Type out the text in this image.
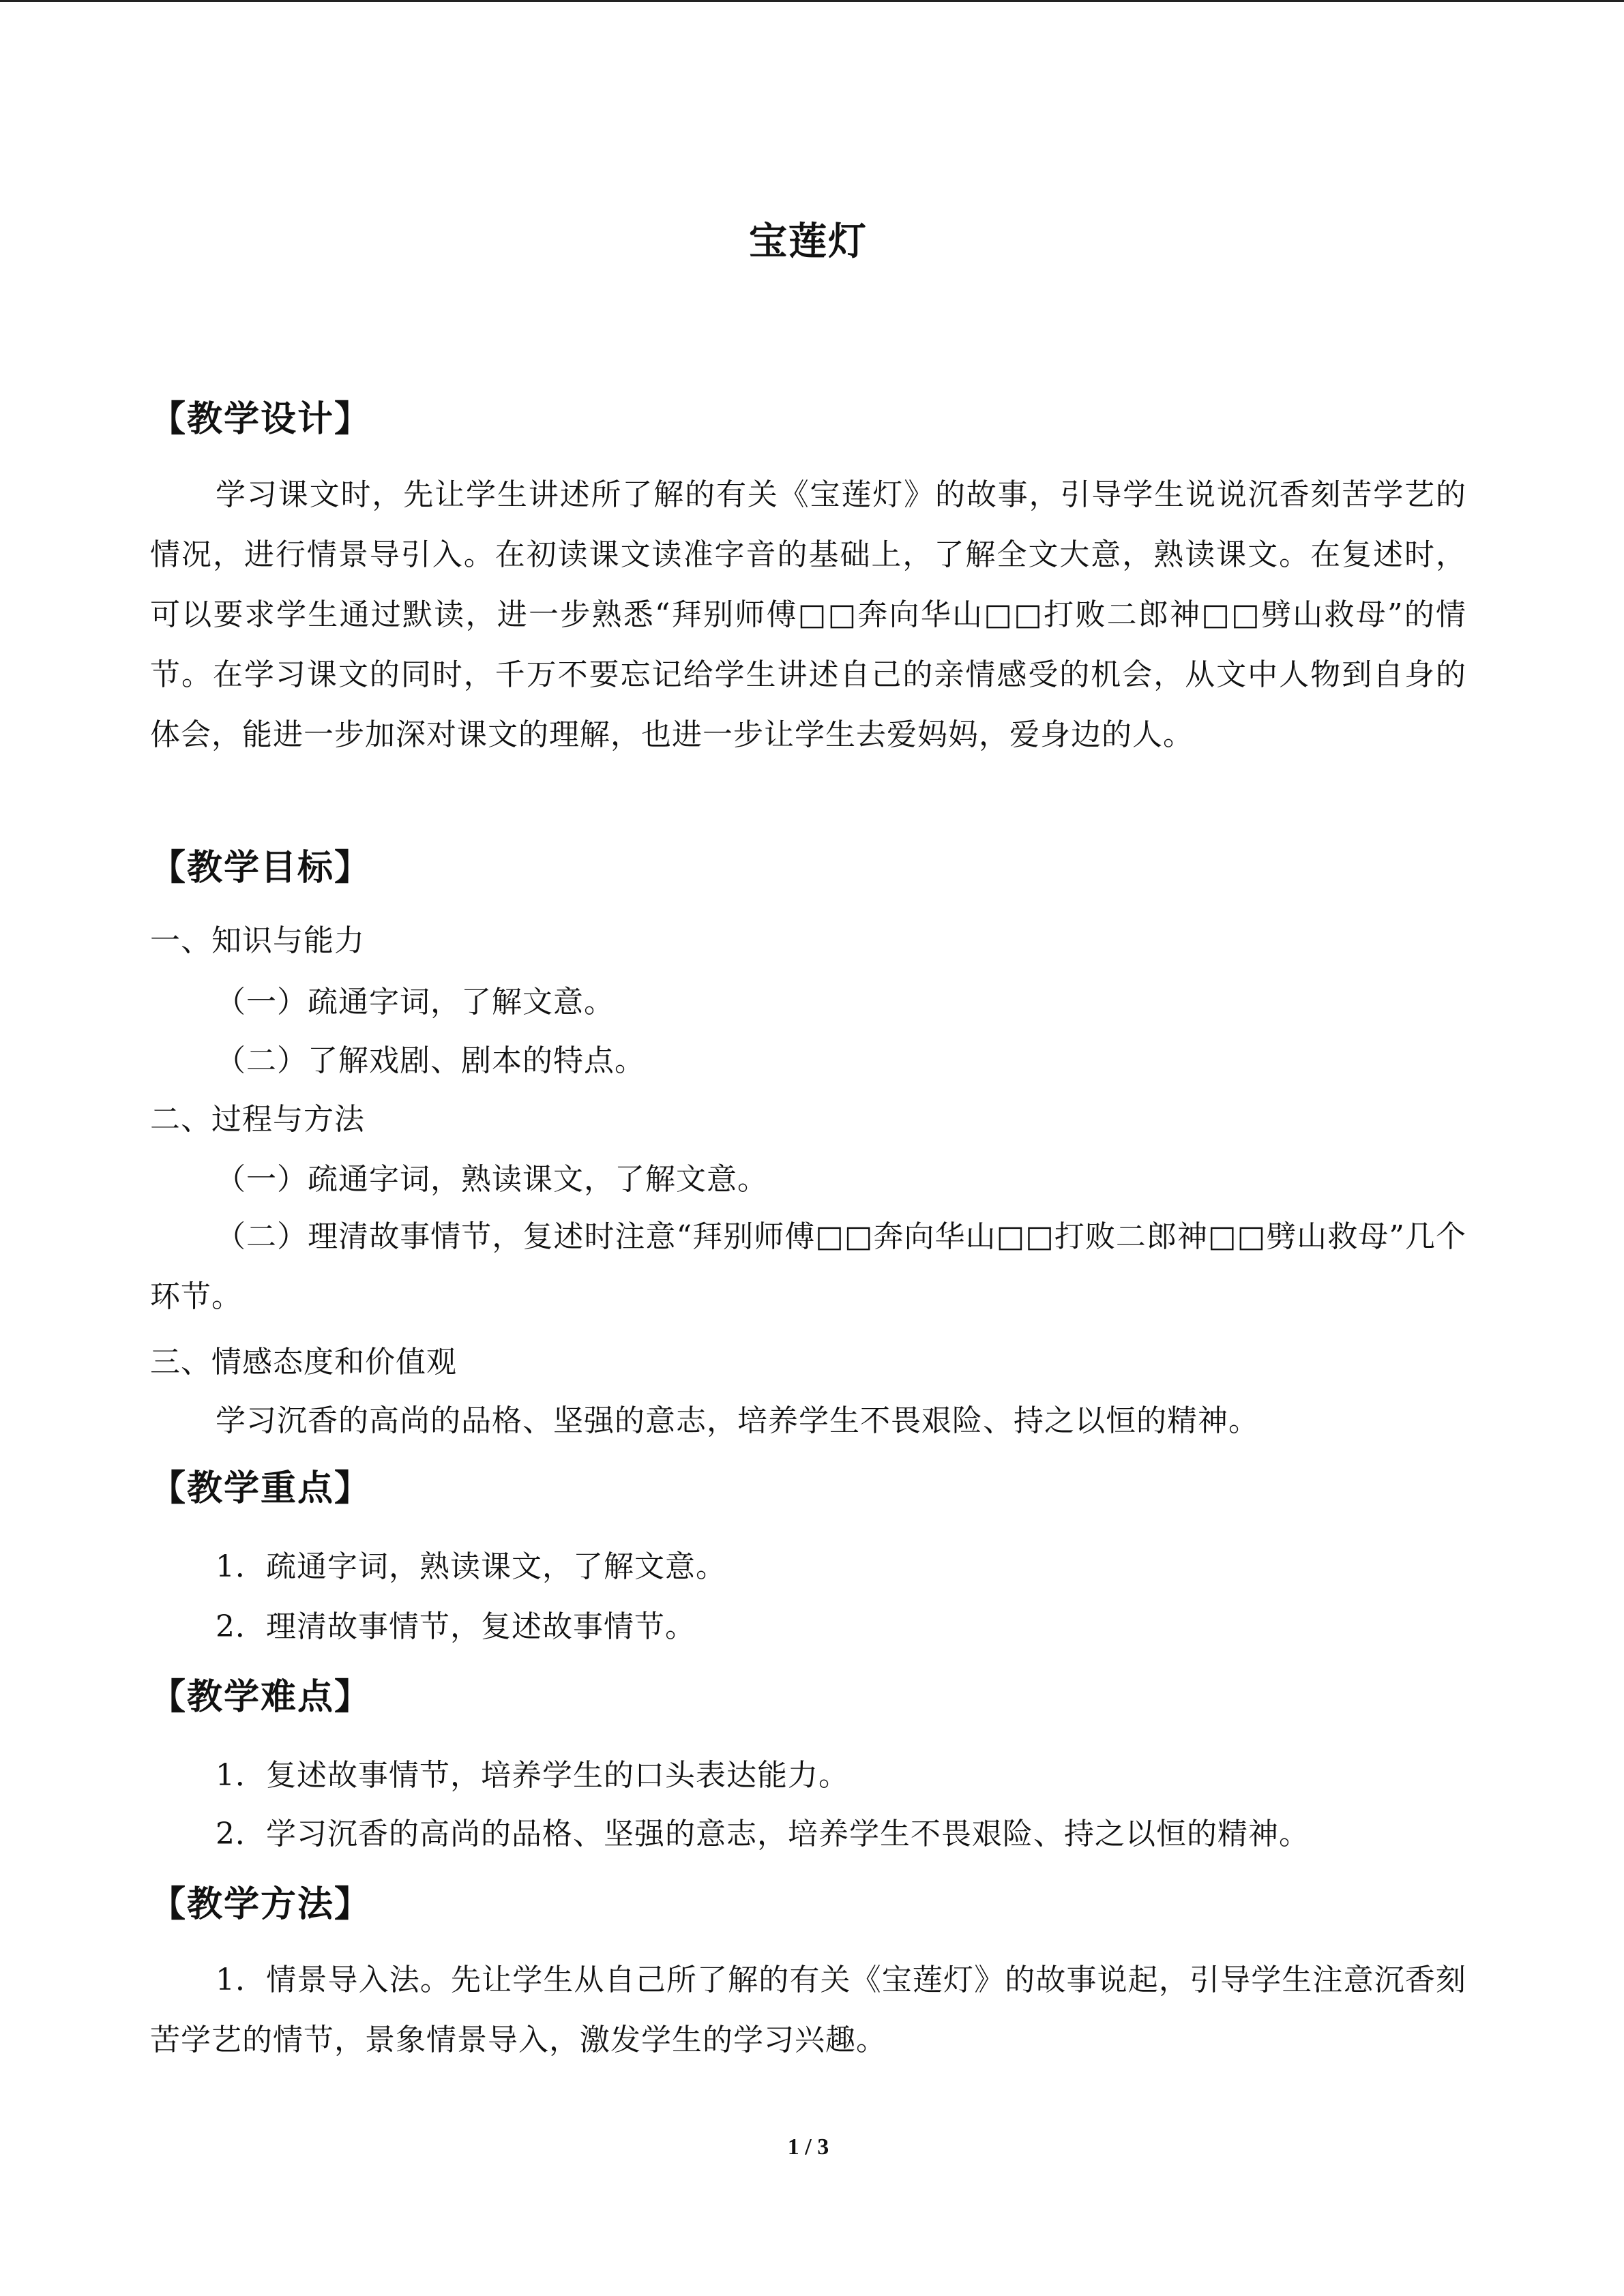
宝莲灯
【教学设计】

学习课文时，先让学生讲述所了解的有关《宝莲灯》的故事，引导学生说说沉香刻苦学艺的情况，进行情景导引入。在初读课文读准字音的基础上，了解全文大意，熟读课文。在复述时，可以要求学生通过默读，进一步熟悉“拜别师傅□□奔向华山□□打败二郎神□□劈山救母”的情节。在学习课文的同时，千万不要忘记给学生讲述自己的亲情感受的机会，从文中人物到自身的体会，能进一步加深对课文的理解，也进一步让学生去爱妈妈，爱身边的人。

【教学目标】

一、知识与能力

（一）疏通字词，了解文意。

（二）了解戏剧、剧本的特点。

二、过程与方法

（一）疏通字词，熟读课文，了解文意。

（二）理清故事情节，复述时注意“拜别师傅□□奔向华山□□打败二郎神□□劈山救母”几个环节。

三、情感态度和价值观

学习沉香的高尚的品格、坚强的意志，培养学生不畏艰险、持之以恒的精神。

【教学重点】

1．疏通字词，熟读课文，了解文意。

2．理清故事情节，复述故事情节。

【教学难点】

1．复述故事情节，培养学生的口头表达能力。

2．学习沉香的高尚的品格、坚强的意志，培养学生不畏艰险、持之以恒的精神。

【教学方法】

1．情景导入法。先让学生从自己所了解的有关《宝莲灯》的故事说起，引导学生注意沉香刻苦学艺的情节，景象情景导入，激发学生的学习兴趣。

1 / 3
